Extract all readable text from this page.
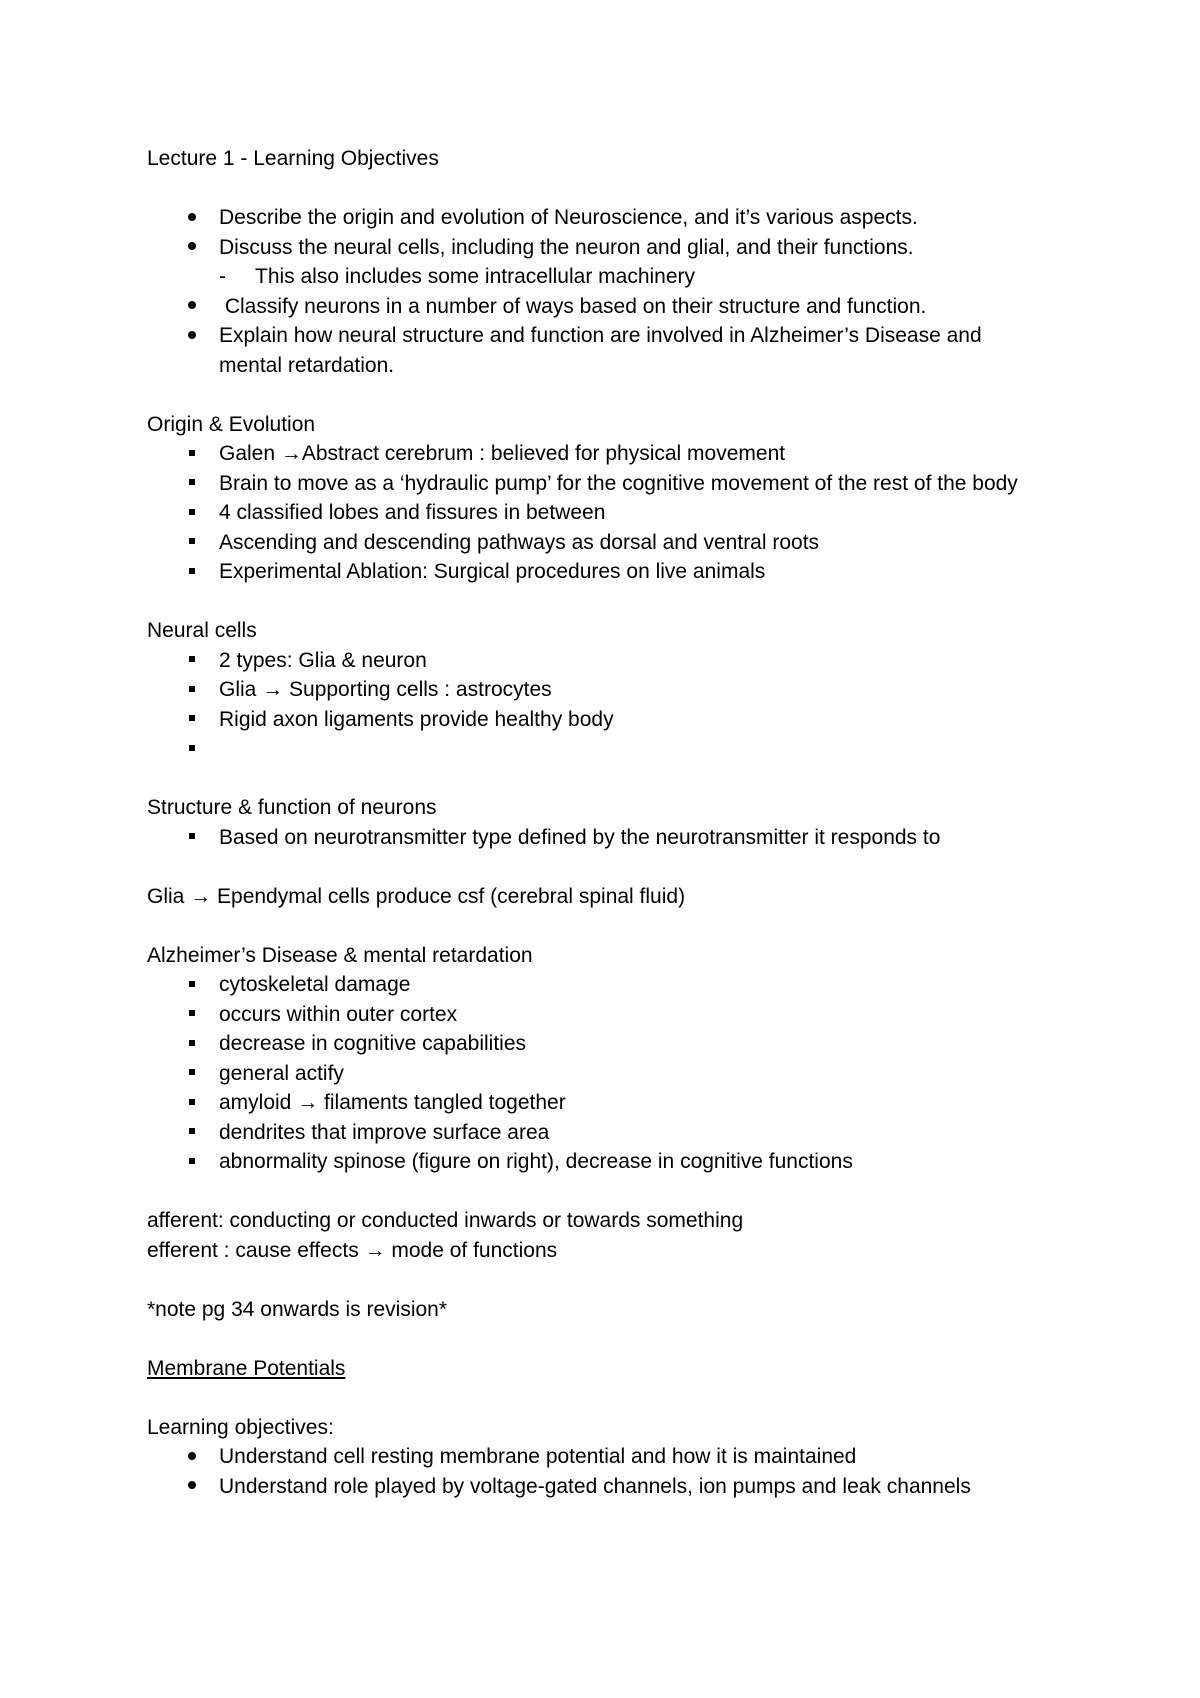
Lecture 1 - Learning Objectives
Describe the origin and evolution of Neuroscience, and it’s various aspects.
Discuss the neural cells, including the neuron and glial, and their functions.
- This also includes some intracellular machinery
Classify neurons in a number of ways based on their structure and function.
Explain how neural structure and function are involved in Alzheimer’s Disease and mental retardation.
Origin & Evolution
Galen →Abstract cerebrum : believed for physical movement
Brain to move as a ‘hydraulic pump’ for the cognitive movement of the rest of the body
4 classified lobes and fissures in between
Ascending and descending pathways as dorsal and ventral roots
Experimental Ablation: Surgical procedures on live animals
Neural cells
2 types: Glia & neuron
Glia → Supporting cells : astrocytes
Rigid axon ligaments provide healthy body
Structure & function of neurons
Based on neurotransmitter type defined by the neurotransmitter it responds to
Glia → Ependymal cells produce csf (cerebral spinal fluid)
Alzheimer’s Disease & mental retardation
cytoskeletal damage
occurs within outer cortex
decrease in cognitive capabilities
general actify
amyloid → filaments tangled together
dendrites that improve surface area
abnormality spinose (figure on right), decrease in cognitive functions
afferent: conducting or conducted inwards or towards something
efferent : cause effects → mode of functions
*note pg 34 onwards is revision*
Membrane Potentials
Learning objectives:
Understand cell resting membrane potential and how it is maintained
Understand role played by voltage-gated channels, ion pumps and leak channels
